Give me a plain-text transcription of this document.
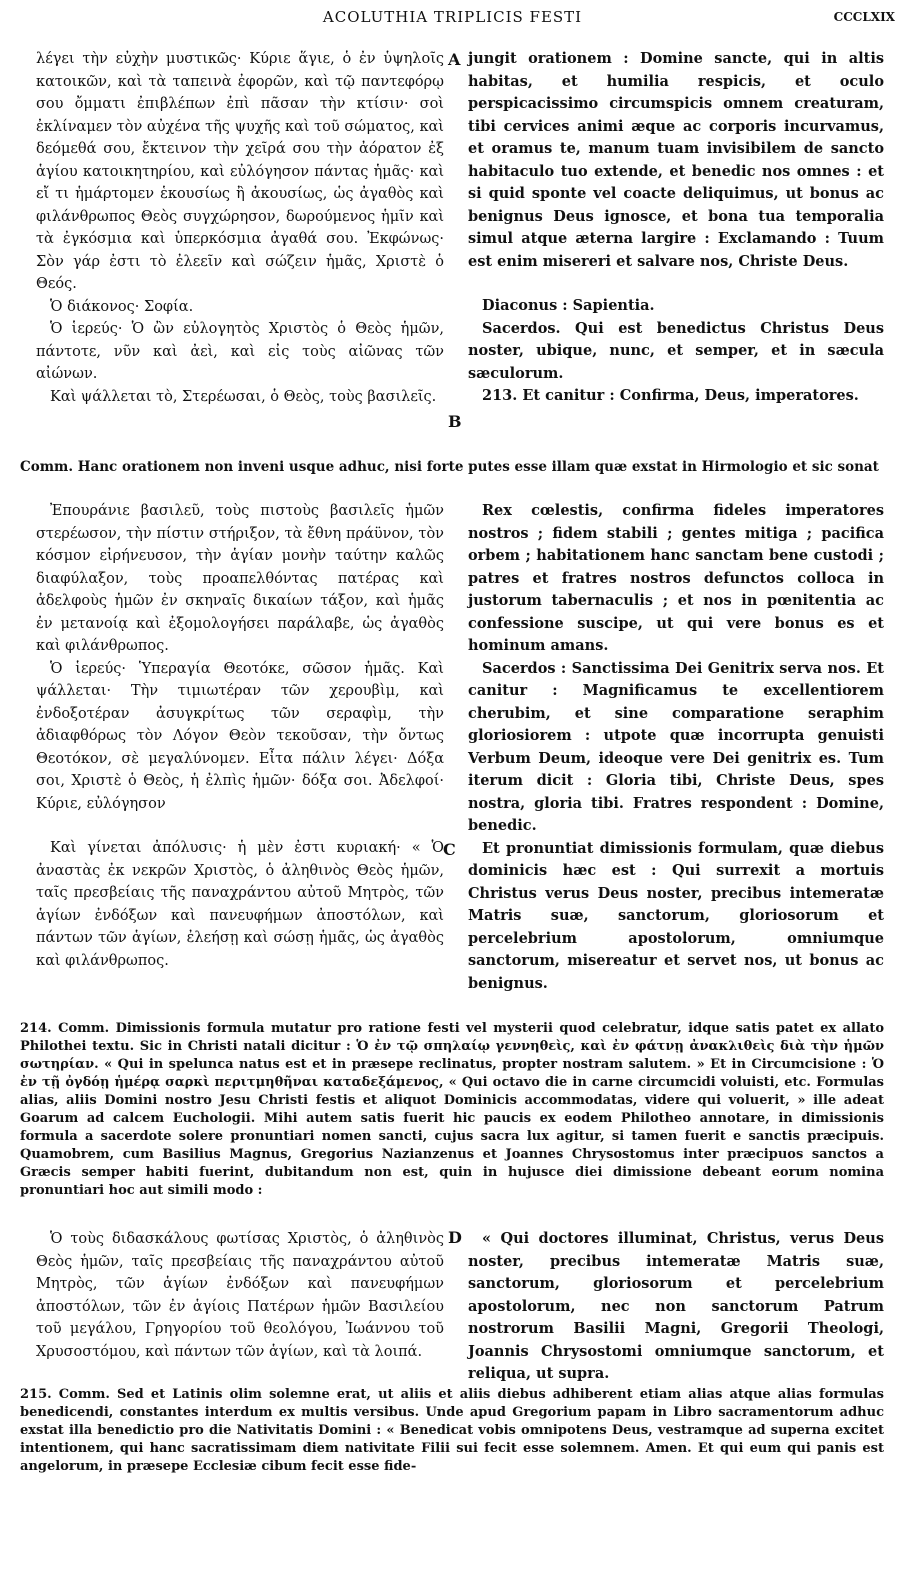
ACOLUTHIA TRIPLICIS FESTI	CCCLXIX
A
B
C
D

λέγει τὴν εὐχὴν μυστικῶς· Κύριε ἅγιε, ὁ ἐν ὑψηλοῖς κατοικῶν, καὶ τὰ ταπεινὰ ἐφορῶν, καὶ τῷ παντεφόρῳ σου ὄμματι ἐπιβλέπων ἐπὶ πᾶσαν τὴν κτίσιν· σοὶ ἐκλίναμεν τὸν αὐχένα τῆς ψυχῆς καὶ τοῦ σώματος, καὶ δεόμεθά σου, ἔκτεινον τὴν χεῖρά σου τὴν ἀόρατον ἐξ ἁγίου κατοικητηρίου, καὶ εὐλόγησον πάντας ἡμᾶς· καὶ εἴ τι ἡμάρτομεν ἑκουσίως ἢ ἀκουσίως, ὡς ἀγαθὸς καὶ φιλάνθρωπος Θεὸς συγχώρησον, δωρούμενος ἡμῖν καὶ τὰ ἐγκόσμια καὶ ὑπερκόσμια ἀγαθά σου. Ἐκφώνως· Σὸν γάρ ἐστι τὸ ἐλεεῖν καὶ σώζειν ἡμᾶς, Χριστὲ ὁ Θεός.

Ὁ διάκονος· Σοφία.

Ὁ ἱερεύς· Ὁ ὢν εὐλογητὸς Χριστὸς ὁ Θεὸς ἡμῶν, πάντοτε, νῦν καὶ ἀεὶ, καὶ εἰς τοὺς αἰῶνας τῶν αἰώνων.

Καὶ ψάλλεται τὸ, Στερέωσαι, ὁ Θεὸς, τοὺς βασιλεῖς.

jungit orationem : Domine sancte, qui in altis habitas, et humilia respicis, et oculo perspicacissimo circumspicis omnem creaturam, tibi cervices animi æque ac corporis incurvamus, et oramus te, manum tuam invisibilem de sancto habitaculo tuo extende, et benedic nos omnes : et si quid sponte vel coacte deliquimus, ut bonus ac benignus Deus ignosce, et bona tua temporalia simul atque æterna largire : Exclamando : Tuum est enim misereri et salvare nos, Christe Deus.

Diaconus : Sapientia.

Sacerdos. Qui est benedictus Christus Deus noster, ubique, nunc, et semper, et in sæcula sæculorum.

213. Et canitur : Confirma, Deus, imperatores.

Comm. Hanc orationem non inveni usque adhuc, nisi forte putes esse illam quæ exstat in Hirmologio et sic sonat

Ἐπουράνιε βασιλεῦ, τοὺς πιστοὺς βασιλεῖς ἡμῶν στερέωσον, τὴν πίστιν στήριξον, τὰ ἔθνη πράϋνον, τὸν κόσμον εἰρήνευσον, τὴν ἁγίαν μονὴν ταύτην καλῶς διαφύλαξον, τοὺς προαπελθόντας πατέρας καὶ ἀδελφοὺς ἡμῶν ἐν σκηναῖς δικαίων τάξον, καὶ ἡμᾶς ἐν μετανοίᾳ καὶ ἐξομολογήσει παράλαβε, ὡς ἀγαθὸς καὶ φιλάνθρωπος.

Ὁ ἱερεύς· Ὑπεραγία Θεοτόκε, σῶσον ἡμᾶς. Καὶ ψάλλεται· Τὴν τιμιωτέραν τῶν χερουβὶμ, καὶ ἐνδοξοτέραν ἀσυγκρίτως τῶν σεραφὶμ, τὴν ἀδιαφθόρως τὸν Λόγον Θεὸν τεκοῦσαν, τὴν ὄντως Θεοτόκον, σὲ μεγαλύνομεν. Εἶτα πάλιν λέγει· Δόξα σοι, Χριστὲ ὁ Θεὸς, ἡ ἐλπὶς ἡμῶν· δόξα σοι. Ἀδελφοί· Κύριε, εὐλόγησον

Καὶ γίνεται ἀπόλυσις· ἡ μὲν ἐστι κυριακή· « Ὁ ἀναστὰς ἐκ νεκρῶν Χριστὸς, ὁ ἀληθινὸς Θεὸς ἡμῶν, ταῖς πρεσβείαις τῆς παναχράντου αὐτοῦ Μητρὸς, τῶν ἁγίων ἐνδόξων καὶ πανευφήμων ἀποστόλων, καὶ πάντων τῶν ἁγίων, ἐλεήσῃ καὶ σώσῃ ἡμᾶς, ὡς ἀγαθὸς καὶ φιλάνθρωπος.

Rex cœlestis, confirma fideles imperatores nostros ; fidem stabili ; gentes mitiga ; pacifica orbem ; habitationem hanc sanctam bene custodi ; patres et fratres nostros defunctos colloca in justorum tabernaculis ; et nos in pœnitentia ac confessione suscipe, ut qui vere bonus es et hominum amans.

Sacerdos : Sanctissima Dei Genitrix serva nos. Et canitur : Magnificamus te excellentiorem cherubim, et sine comparatione seraphim gloriosiorem : utpote quæ incorrupta genuisti Verbum Deum, ideoque vere Dei genitrix es. Tum iterum dicit : Gloria tibi, Christe Deus, spes nostra, gloria tibi. Fratres respondent : Domine, benedic.

Et pronuntiat dimissionis formulam, quæ diebus dominicis hæc est : Qui surrexit a mortuis Christus verus Deus noster, precibus intemeratæ Matris suæ, sanctorum, gloriosorum et percelebrium apostolorum, omniumque sanctorum, misereatur et servet nos, ut bonus ac benignus.

214. Comm. Dimissionis formula mutatur pro ratione festi vel mysterii quod celebratur, idque satis patet ex allato Philothei textu. Sic in Christi natali dicitur : Ὁ ἐν τῷ σπηλαίῳ γεννηθεὶς, καὶ ἐν φάτνῃ ἀνακλιθεὶς διὰ τὴν ἡμῶν σωτηρίαν. « Qui in spelunca natus est et in præsepe reclinatus, propter nostram salutem. » Et in Circumcisione : Ὁ ἐν τῇ ὀγδόῃ ἡμέρᾳ σαρκὶ περιτμηθῆναι καταδεξάμενος, « Qui octavo die in carne circumcidi voluisti, etc. Formulas alias, aliis Domini nostro Jesu Christi festis et aliquot Dominicis accommodatas, videre qui voluerit, » ille adeat Goarum ad calcem Euchologii. Mihi autem satis fuerit hic paucis ex eodem Philotheo annotare, in dimissionis formula a sacerdote solere pronuntiari nomen sancti, cujus sacra lux agitur, si tamen fuerit e sanctis præcipuis. Quamobrem, cum Basilius Magnus, Gregorius Nazianzenus et Joannes Chrysostomus inter præcipuos sanctos a Græcis semper habiti fuerint, dubitandum non est, quin in hujusce diei dimissione debeant eorum nomina pronuntiari hoc aut simili modo :

Ὁ τοὺς διδασκάλους φωτίσας Χριστὸς, ὁ ἀληθινὸς Θεὸς ἡμῶν, ταῖς πρεσβείαις τῆς παναχράντου αὐτοῦ Μητρὸς, τῶν ἁγίων ἐνδόξων καὶ πανευφήμων ἀποστόλων, τῶν ἐν ἁγίοις Πατέρων ἡμῶν Βασιλείου τοῦ μεγάλου, Γρηγορίου τοῦ θεολόγου, Ἰωάννου τοῦ Χρυσοστόμου, καὶ πάντων τῶν ἁγίων, καὶ τὰ λοιπά.

« Qui doctores illuminat, Christus, verus Deus noster, precibus intemeratæ Matris suæ, sanctorum, gloriosorum et percelebrium apostolorum, nec non sanctorum Patrum nostrorum Basilii Magni, Gregorii Theologi, Joannis Chrysostomi omniumque sanctorum, et reliqua, ut supra.

215. Comm. Sed et Latinis olim solemne erat, ut aliis et aliis diebus adhiberent etiam alias atque alias formulas benedicendi, constantes interdum ex multis versibus. Unde apud Gregorium papam in Libro sacramentorum adhuc exstat illa benedictio pro die Nativitatis Domini : « Benedicat vobis omnipotens Deus, vestramque ad superna excitet intentionem, qui hanc sacratissimam diem nativitate Filii sui fecit esse solemnem. Amen. Et qui eum qui panis est angelorum, in præsepe Ecclesiæ cibum fecit esse fide-
